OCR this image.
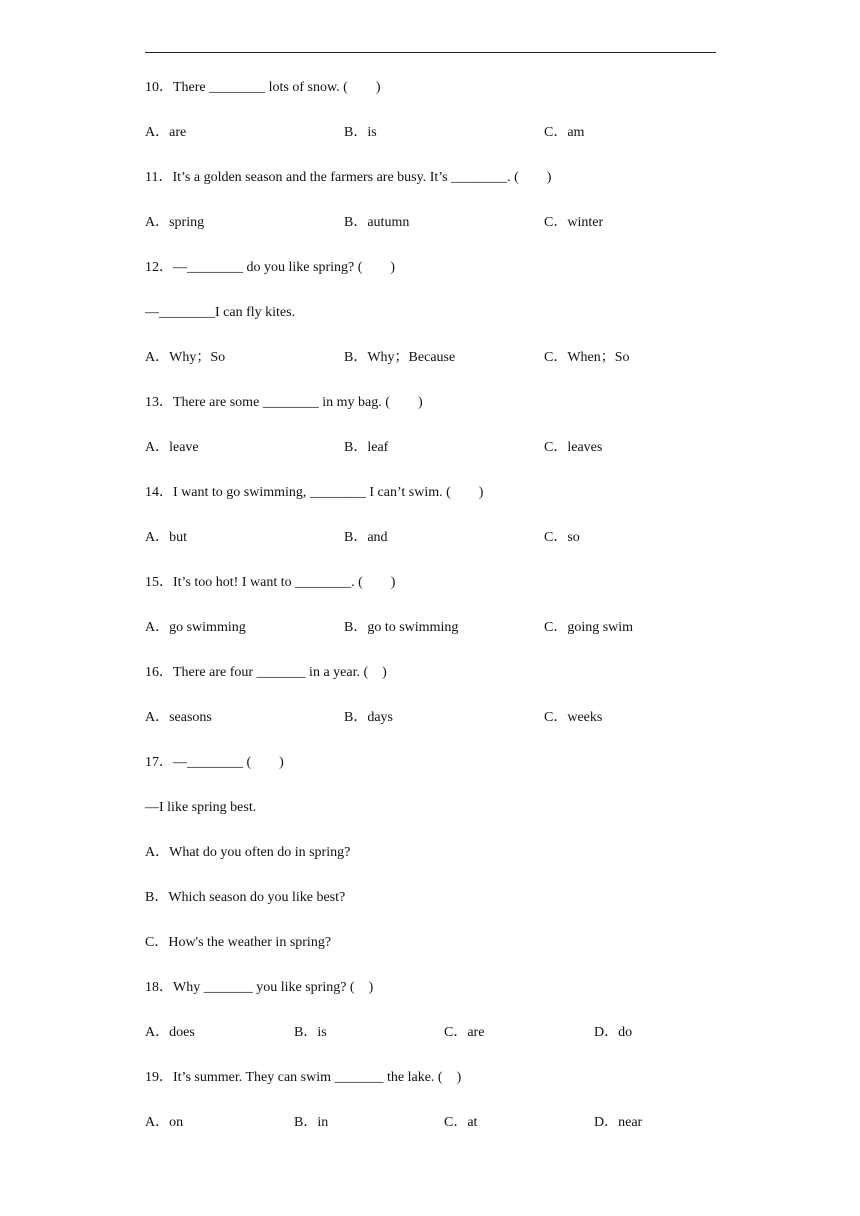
10．There ________ lots of snow. (　　)
A．are	B．is	C．am
11．It’s a golden season and the farmers are busy. It’s ________. (　　)
A．spring	B．autumn	C．winter
12．—________ do you like spring? (　　)
—________I can fly kites.
A．Why；So	B．Why；Because	C．When；So
13．There are some ________ in my bag. (　　)
A．leave	B．leaf	C．leaves
14．I want to go swimming, ________ I can’t swim. (　　)
A．but	B．and	C．so
15．It’s too hot! I want to ________. (　　)
A．go swimming	B．go to swimming	C．going swim
16．There are four _______ in a year. (　)
A．seasons	B．days	C．weeks
17．—________ (　　)
—I like spring best.
A．What do you often do in spring?
B．Which season do you like best?
C．How's the weather in spring?
18．Why _______ you like spring? (　)
A．does	B．is	C．are	D．do
19．It’s summer. They can swim _______ the lake. (　)
A．on	B．in	C．at	D．near
